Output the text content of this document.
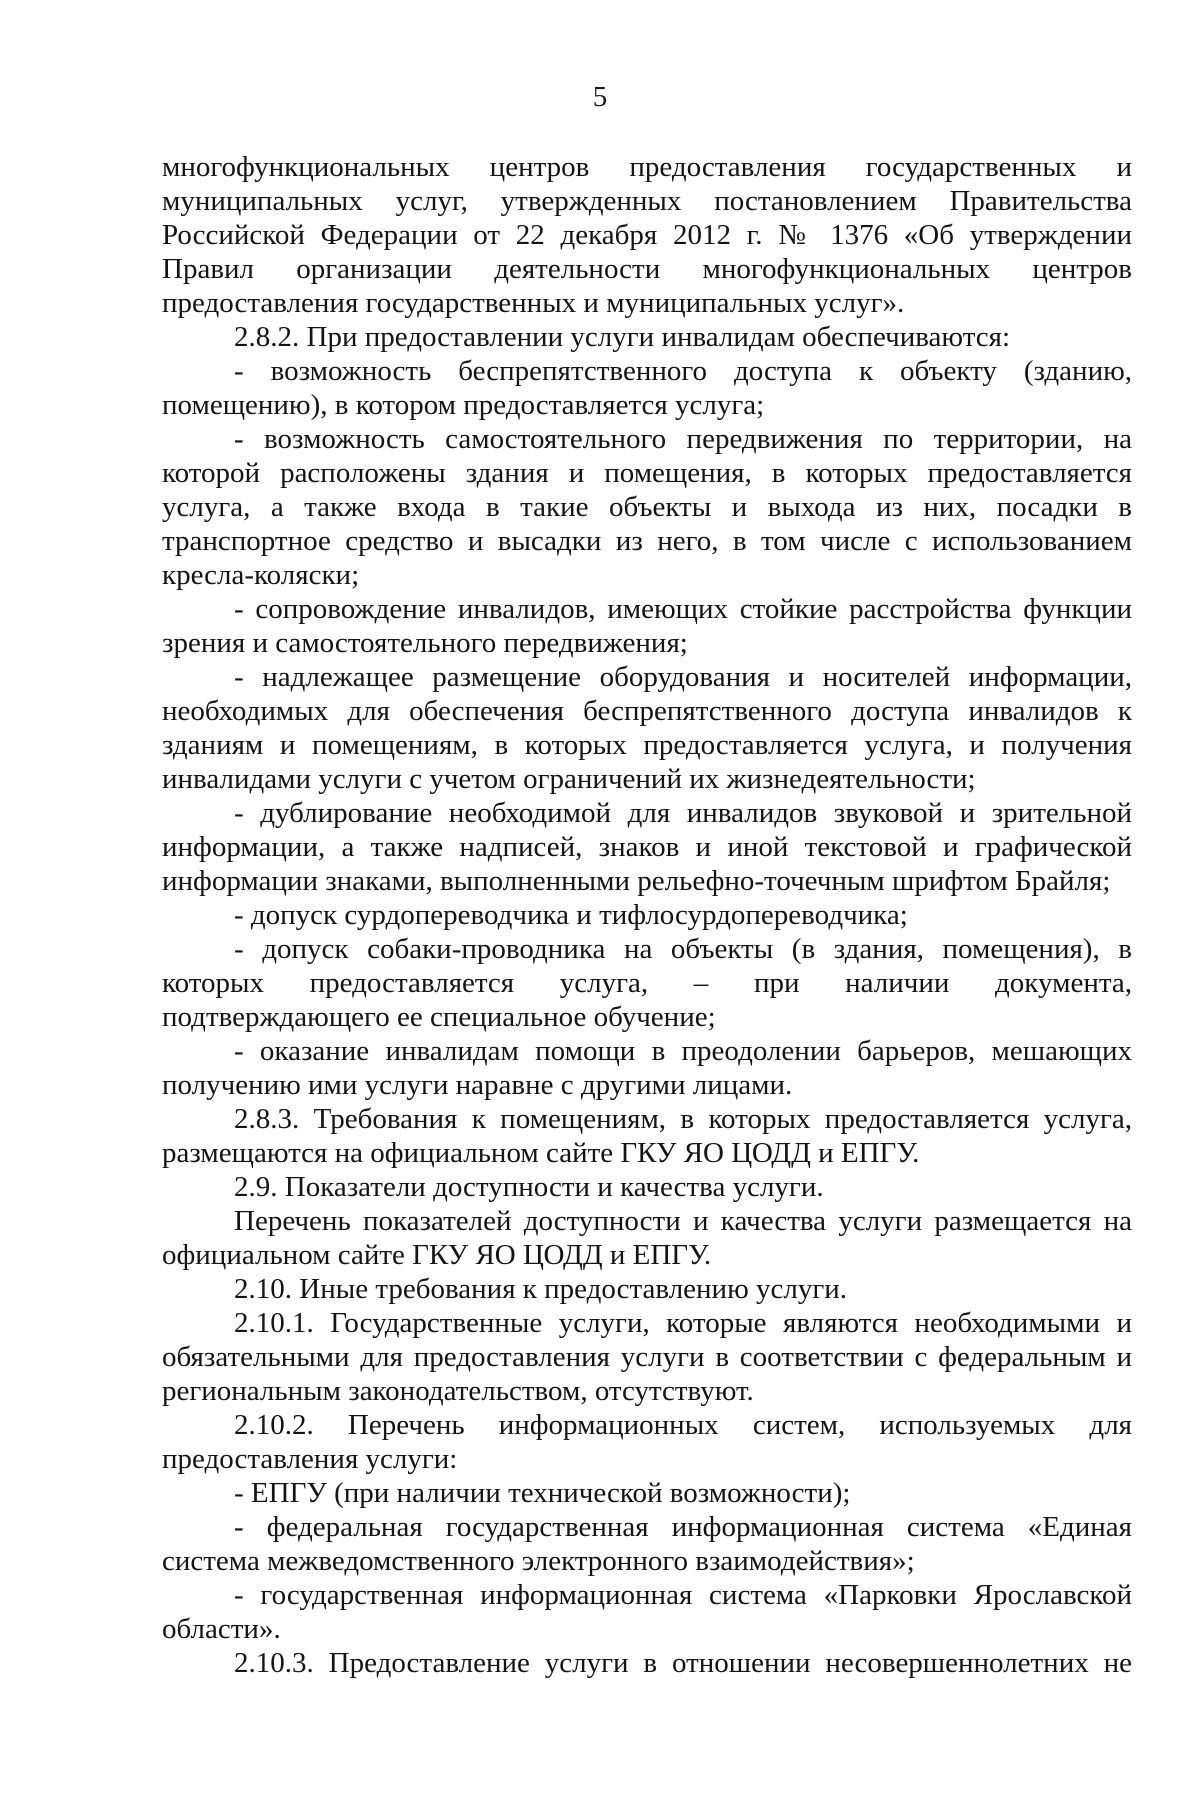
5

многофункциональных центров предоставления государственных и муниципальных услуг, утвержденных постановлением Правительства Российской Федерации от 22 декабря 2012 г. № 1376 «Об утверждении Правил организации деятельности многофункциональных центров предоставления государственных и муниципальных услуг».

2.8.2. При предоставлении услуги инвалидам обеспечиваются:

- возможность беспрепятственного доступа к объекту (зданию, помещению), в котором предоставляется услуга;

- возможность самостоятельного передвижения по территории, на которой расположены здания и помещения, в которых предоставляется услуга, а также входа в такие объекты и выхода из них, посадки в транспортное средство и высадки из него, в том числе с использованием кресла-коляски;

- сопровождение инвалидов, имеющих стойкие расстройства функции зрения и самостоятельного передвижения;

- надлежащее размещение оборудования и носителей информации, необходимых для обеспечения беспрепятственного доступа инвалидов к зданиям и помещениям, в которых предоставляется услуга, и получения инвалидами услуги с учетом ограничений их жизнедеятельности;

- дублирование необходимой для инвалидов звуковой и зрительной информации, а также надписей, знаков и иной текстовой и графической информации знаками, выполненными рельефно-точечным шрифтом Брайля;

- допуск сурдопереводчика и тифлосурдопереводчика;

- допуск собаки-проводника на объекты (в здания, помещения), в которых предоставляется услуга, – при наличии документа, подтверждающего ее специальное обучение;

- оказание инвалидам помощи в преодолении барьеров, мешающих получению ими услуги наравне с другими лицами.

2.8.3. Требования к помещениям, в которых предоставляется услуга, размещаются на официальном сайте ГКУ ЯО ЦОДД и ЕПГУ.

2.9. Показатели доступности и качества услуги.

Перечень показателей доступности и качества услуги размещается на официальном сайте ГКУ ЯО ЦОДД и ЕПГУ.

2.10. Иные требования к предоставлению услуги.

2.10.1. Государственные услуги, которые являются необходимыми и обязательными для предоставления услуги в соответствии с федеральным и региональным законодательством, отсутствуют.

2.10.2. Перечень информационных систем, используемых для предоставления услуги:

- ЕПГУ (при наличии технической возможности);

- федеральная государственная информационная система «Единая система межведомственного электронного взаимодействия»;

- государственная информационная система «Парковки Ярославской области».

2.10.3. Предоставление услуги в отношении несовершеннолетних не
